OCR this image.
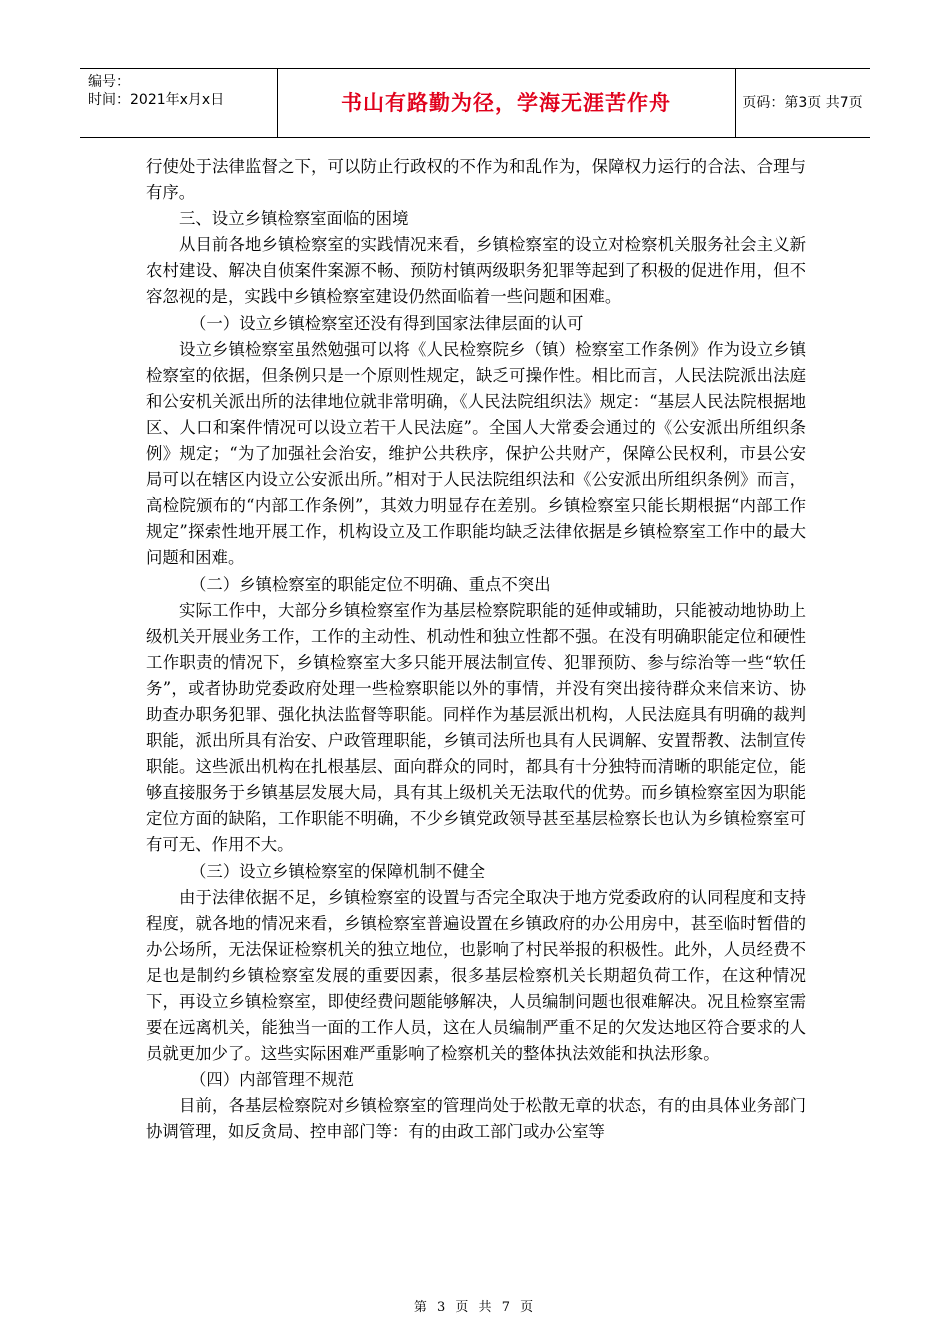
编号：
时间：2021年x月x日	书山有路勤为径，学海无涯苦作舟	页码：第3页 共7页

行使处于法律监督之下，可以防止行政权的不作为和乱作为，保障权力运行的合法、合理与有序。

三、设立乡镇检察室面临的困境

从目前各地乡镇检察室的实践情况来看，乡镇检察室的设立对检察机关服务社会主义新农村建设、解决自侦案件案源不畅、预防村镇两级职务犯罪等起到了积极的促进作用，但不容忽视的是，实践中乡镇检察室建设仍然面临着一些问题和困难。

（一）设立乡镇检察室还没有得到国家法律层面的认可

设立乡镇检察室虽然勉强可以将《人民检察院乡（镇）检察室工作条例》作为设立乡镇检察室的依据，但条例只是一个原则性规定，缺乏可操作性。相比而言，人民法院派出法庭和公安机关派出所的法律地位就非常明确，《人民法院组织法》规定：“基层人民法院根据地区、人口和案件情况可以设立若干人民法庭”。全国人大常委会通过的《公安派出所组织条例》规定；“为了加强社会治安，维护公共秩序，保护公共财产，保障公民权利，市县公安局可以在辖区内设立公安派出所。”相对于人民法院组织法和《公安派出所组织条例》而言，高检院颁布的“内部工作条例”，其效力明显存在差别。乡镇检察室只能长期根据“内部工作规定”探索性地开展工作，机构设立及工作职能均缺乏法律依据是乡镇检察室工作中的最大问题和困难。

（二）乡镇检察室的职能定位不明确、重点不突出

实际工作中，大部分乡镇检察室作为基层检察院职能的延伸或辅助，只能被动地协助上级机关开展业务工作，工作的主动性、机动性和独立性都不强。在没有明确职能定位和硬性工作职责的情况下，乡镇检察室大多只能开展法制宣传、犯罪预防、参与综治等一些“软任务”，或者协助党委政府处理一些检察职能以外的事情，并没有突出接待群众来信来访、协助查办职务犯罪、强化执法监督等职能。同样作为基层派出机构，人民法庭具有明确的裁判职能，派出所具有治安、户政管理职能，乡镇司法所也具有人民调解、安置帮教、法制宣传职能。这些派出机构在扎根基层、面向群众的同时，都具有十分独特而清晰的职能定位，能够直接服务于乡镇基层发展大局，具有其上级机关无法取代的优势。而乡镇检察室因为职能定位方面的缺陷，工作职能不明确，不少乡镇党政领导甚至基层检察长也认为乡镇检察室可有可无、作用不大。

（三）设立乡镇检察室的保障机制不健全

由于法律依据不足，乡镇检察室的设置与否完全取决于地方党委政府的认同程度和支持程度，就各地的情况来看，乡镇检察室普遍设置在乡镇政府的办公用房中，甚至临时暂借的办公场所，无法保证检察机关的独立地位，也影响了村民举报的积极性。此外，人员经费不足也是制约乡镇检察室发展的重要因素，很多基层检察机关长期超负荷工作，在这种情况下，再设立乡镇检察室，即使经费问题能够解决，人员编制问题也很难解决。况且检察室需要在远离机关，能独当一面的工作人员，这在人员编制严重不足的欠发达地区符合要求的人员就更加少了。这些实际困难严重影响了检察机关的整体执法效能和执法形象。

（四）内部管理不规范

目前，各基层检察院对乡镇检察室的管理尚处于松散无章的状态，有的由具体业务部门协调管理，如反贪局、控申部门等：有的由政工部门或办公室等

第 3 页 共 7 页
